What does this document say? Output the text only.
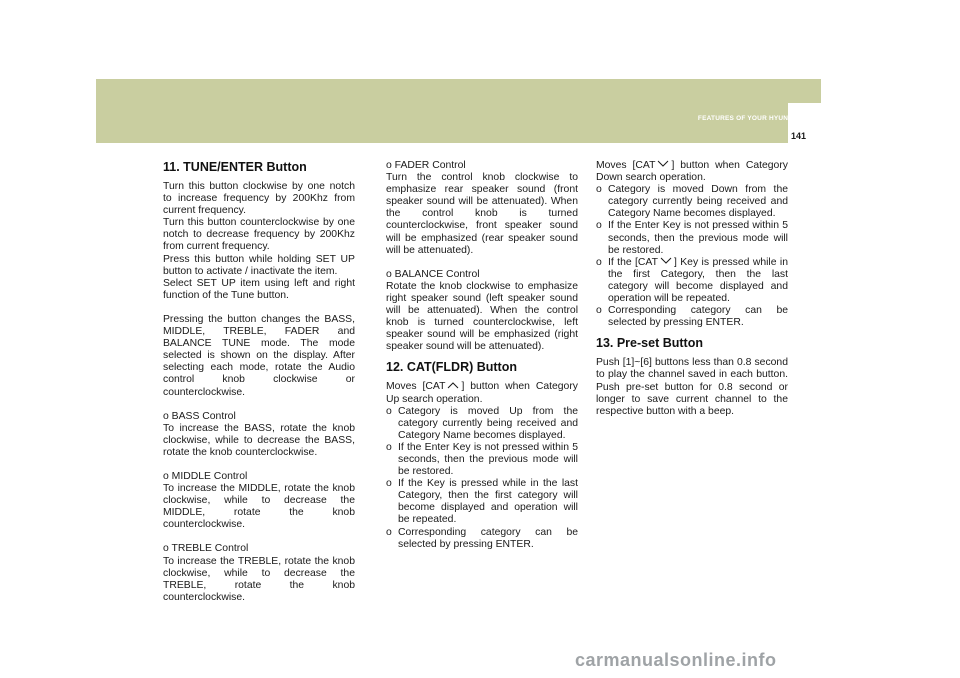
FEATURES OF YOUR HYUNDAI
1
141
11. TUNE/ENTER Button

Turn this button clockwise by one notch to increase frequency by 200Khz from current frequency.

Turn this button counterclockwise by one notch to decrease frequency by 200Khz from current frequency.

Press this button while holding SET UP button to activate / inactivate the item.

Select SET UP item using left and right function of the Tune button.

Pressing the button changes the BASS, MIDDLE, TREBLE, FADER and BALANCE TUNE mode. The mode selected is shown on the display. After selecting each mode, rotate the Audio control knob clockwise or counterclockwise.

o BASS Control

To increase the BASS, rotate the knob clockwise, while to decrease the BASS, rotate the knob counterclockwise.

o MIDDLE Control

To increase the MIDDLE, rotate the knob clockwise, while to decrease the MIDDLE, rotate the knob counterclockwise.

o TREBLE Control

To increase the TREBLE, rotate the knob clockwise, while to decrease the TREBLE, rotate the knob counterclockwise.

o FADER Control

Turn the control knob clockwise to emphasize rear speaker sound (front speaker sound will be attenuated). When the control knob is turned counterclockwise, front speaker sound will be emphasized (rear speaker sound will be attenuated).

o BALANCE Control

Rotate the knob clockwise to emphasize right speaker sound (left speaker sound will be attenuated). When the control knob is turned counterclockwise, left speaker sound will be emphasized (right speaker sound will be attenuated).

12. CAT(FLDR) Button

Moves [CAT ] button when Category Up search operation.

o Category is moved Up from the category currently being received and Category Name becomes displayed.
o If the Enter Key is not pressed within 5 seconds, then the previous mode will be restored.
o If the Key is pressed while in the last Category, then the first category will become displayed and operation will be repeated.
o Corresponding category can be selected by pressing ENTER.

Moves [CAT ] button when Category Down search operation.

o Category is moved Down from the category currently being received and Category Name becomes displayed.
o If the Enter Key is not pressed within 5 seconds, then the previous mode will be restored.
o If the [CAT ] Key is pressed while in the first Category, then the last category will become displayed and operation will be repeated.
o Corresponding category can be selected by pressing ENTER.
13. Pre-set Button

Push [1]~[6] buttons less than 0.8 second to play the channel saved in each button. Push pre-set button for 0.8 second or longer to save current channel to the respective button with a beep.

carmanualsonline.info
